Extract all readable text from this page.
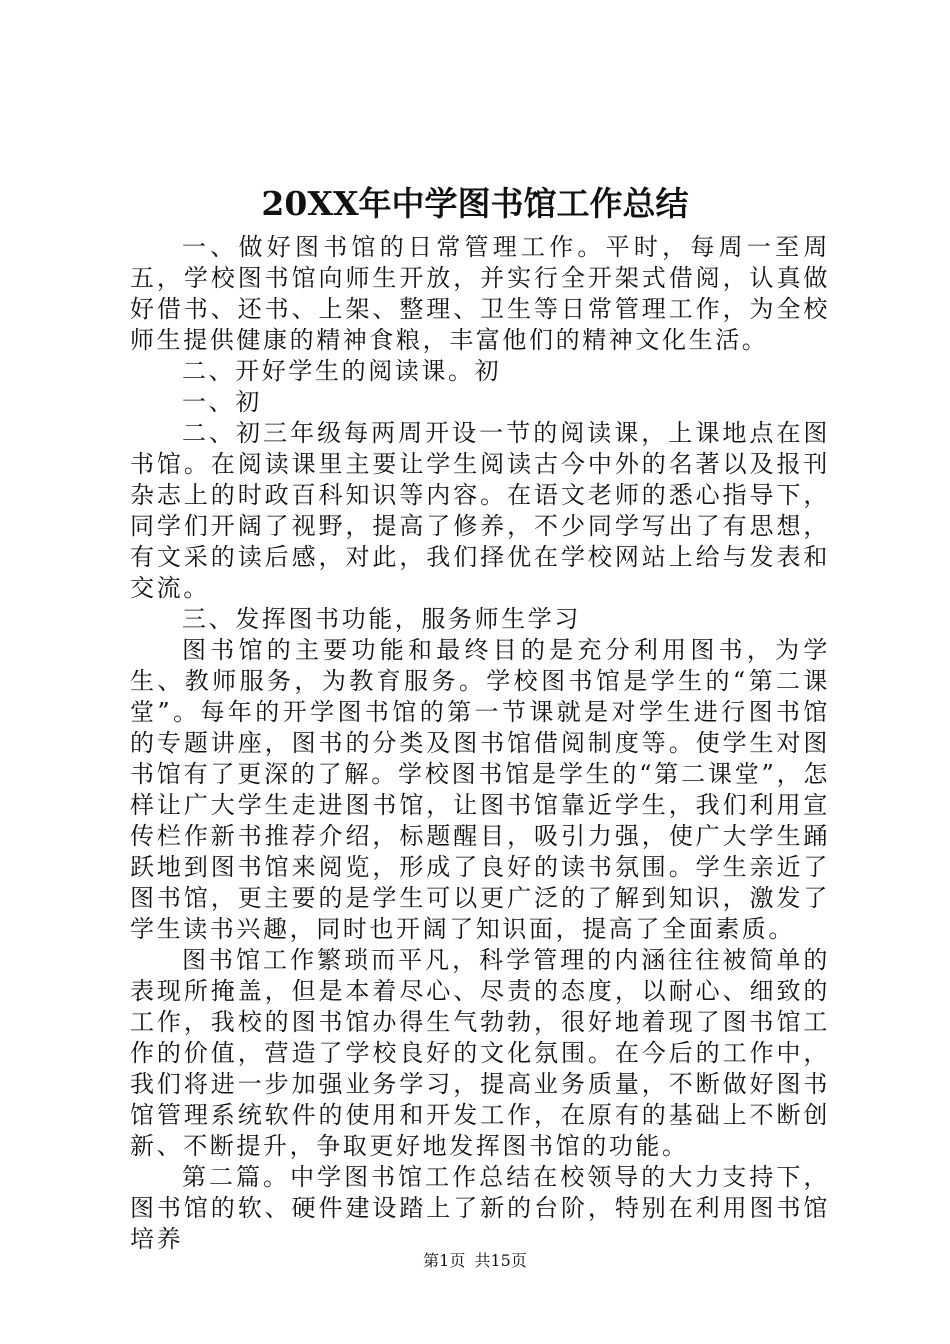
20XX年中学图书馆工作总结

一、做好图书馆的日常管理工作。平时，每周一至周五，学校图书馆向师生开放，并实行全开架式借阅，认真做好借书、还书、上架、整理、卫生等日常管理工作，为全校师生提供健康的精神食粮，丰富他们的精神文化生活。

二、开好学生的阅读课。初

一、初

二、初三年级每两周开设一节的阅读课，上课地点在图书馆。在阅读课里主要让学生阅读古今中外的名著以及报刊杂志上的时政百科知识等内容。在语文老师的悉心指导下，同学们开阔了视野，提高了修养，不少同学写出了有思想，有文采的读后感，对此，我们择优在学校网站上给与发表和交流。

三、发挥图书功能，服务师生学习

图书馆的主要功能和最终目的是充分利用图书，为学生、教师服务，为教育服务。学校图书馆是学生的“第二课堂”。每年的开学图书馆的第一节课就是对学生进行图书馆的专题讲座，图书的分类及图书馆借阅制度等。使学生对图书馆有了更深的了解。学校图书馆是学生的“第二课堂”，怎样让广大学生走进图书馆，让图书馆靠近学生，我们利用宣传栏作新书推荐介绍，标题醒目，吸引力强，使广大学生踊跃地到图书馆来阅览，形成了良好的读书氛围。学生亲近了图书馆，更主要的是学生可以更广泛的了解到知识，激发了学生读书兴趣，同时也开阔了知识面，提高了全面素质。

图书馆工作繁琐而平凡，科学管理的内涵往往被简单的表现所掩盖，但是本着尽心、尽责的态度，以耐心、细致的工作，我校的图书馆办得生气勃勃，很好地着现了图书馆工作的价值，营造了学校良好的文化氛围。在今后的工作中，我们将进一步加强业务学习，提高业务质量，不断做好图书馆管理系统软件的使用和开发工作，在原有的基础上不断创新、不断提升，争取更好地发挥图书馆的功能。

第二篇。中学图书馆工作总结在校领导的大力支持下，图书馆的软、硬件建设踏上了新的台阶，特别在利用图书馆培养

第1页 共15页
